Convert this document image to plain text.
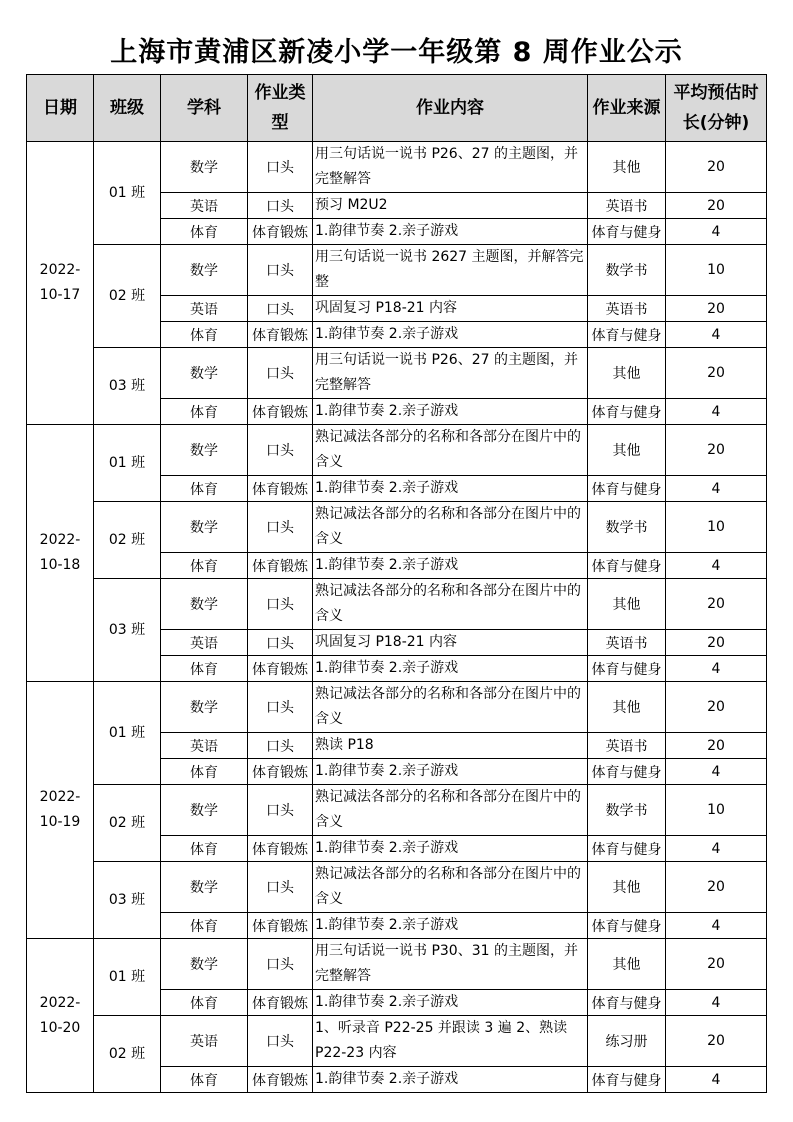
上海市黄浦区新凌小学一年级第 8 周作业公示
日期	班级	学科	作业类型	作业内容	作业来源	平均预估时长(分钟)
2022-10-17	01 班	数学	口头	用三句话说一说书 P26、27 的主题图，并完整解答	其他	20
		英语	口头	预习 M2U2	英语书	20
		体育	体育锻炼	1.韵律节奏 2.亲子游戏	体育与健身	4
	02 班	数学	口头	用三句话说一说书 2627 主题图，并解答完整	数学书	10
		英语	口头	巩固复习 P18-21 内容	英语书	20
		体育	体育锻炼	1.韵律节奏 2.亲子游戏	体育与健身	4
	03 班	数学	口头	用三句话说一说书 P26、27 的主题图，并完整解答	其他	20
		体育	体育锻炼	1.韵律节奏 2.亲子游戏	体育与健身	4
2022-10-18	01 班	数学	口头	熟记减法各部分的名称和各部分在图片中的含义	其他	20
		体育	体育锻炼	1.韵律节奏 2.亲子游戏	体育与健身	4
	02 班	数学	口头	熟记减法各部分的名称和各部分在图片中的含义	数学书	10
		体育	体育锻炼	1.韵律节奏 2.亲子游戏	体育与健身	4
	03 班	数学	口头	熟记减法各部分的名称和各部分在图片中的含义	其他	20
		英语	口头	巩固复习 P18-21 内容	英语书	20
		体育	体育锻炼	1.韵律节奏 2.亲子游戏	体育与健身	4
2022-10-19	01 班	数学	口头	熟记减法各部分的名称和各部分在图片中的含义	其他	20
		英语	口头	熟读 P18	英语书	20
		体育	体育锻炼	1.韵律节奏 2.亲子游戏	体育与健身	4
	02 班	数学	口头	熟记减法各部分的名称和各部分在图片中的含义	数学书	10
		体育	体育锻炼	1.韵律节奏 2.亲子游戏	体育与健身	4
	03 班	数学	口头	熟记减法各部分的名称和各部分在图片中的含义	其他	20
		体育	体育锻炼	1.韵律节奏 2.亲子游戏	体育与健身	4
2022-10-20	01 班	数学	口头	用三句话说一说书 P30、31 的主题图，并完整解答	其他	20
		体育	体育锻炼	1.韵律节奏 2.亲子游戏	体育与健身	4
	02 班	英语	口头	1、听录音 P22-25 并跟读 3 遍 2、熟读 P22-23 内容	练习册	20
		体育	体育锻炼	1.韵律节奏 2.亲子游戏	体育与健身	4
